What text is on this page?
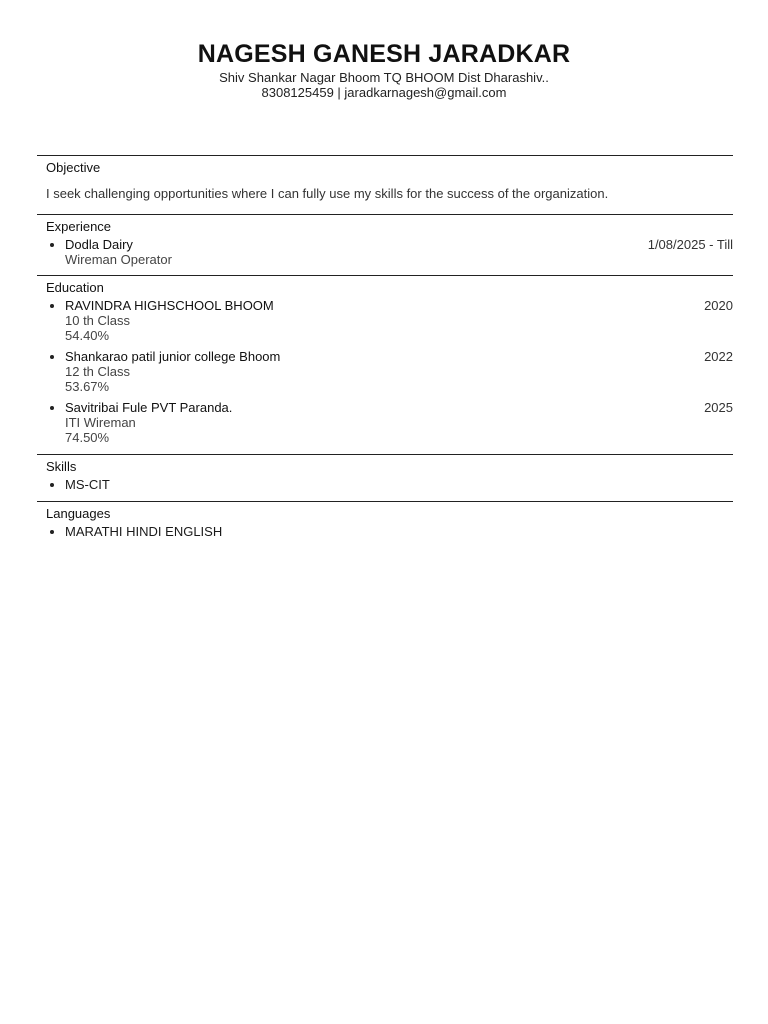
NAGESH GANESH JARADKAR
Shiv Shankar Nagar Bhoom TQ BHOOM Dist Dharashiv..
8308125459 | jaradkarnagesh@gmail.com
Objective
I seek challenging opportunities where I can fully use my skills for the success of the organization.
Experience
Dodla Dairy	1/08/2025 - Till
Wireman Operator
Education
RAVINDRA HIGHSCHOOL BHOOM	2020
10 th Class
54.40%
Shankarao patil junior college Bhoom	2022
12 th Class
53.67%
Savitribai Fule PVT Paranda.	2025
ITI Wireman
74.50%
Skills
MS-CIT
Languages
MARATHI HINDI ENGLISH
